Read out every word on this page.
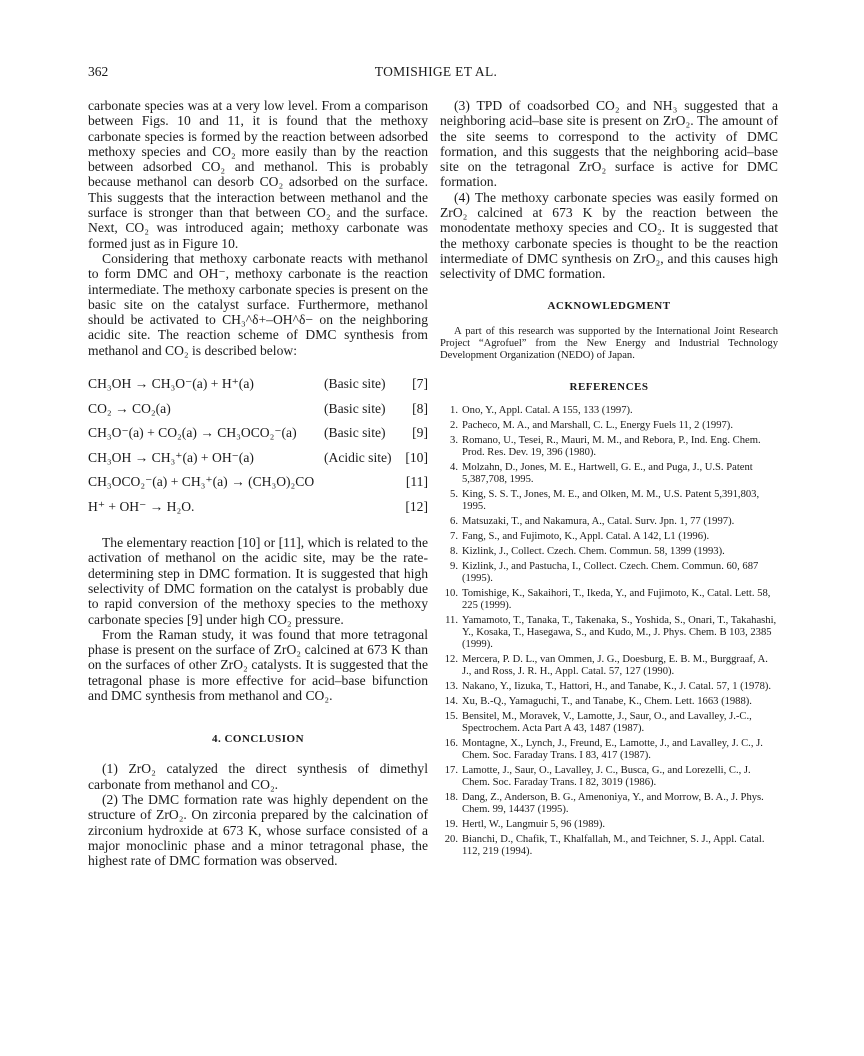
362	TOMISHIGE ET AL.

carbonate species was at a very low level. From a comparison between Figs. 10 and 11, it is found that the methoxy carbonate species is formed by the reaction between adsorbed methoxy species and CO₂ more easily than by the reaction between adsorbed CO₂ and methanol. This is probably because methanol can desorb CO₂ adsorbed on the surface. This suggests that the interaction between methanol and the surface is stronger than that between CO₂ and the surface. Next, CO₂ was introduced again; methoxy carbonate was formed just as in Figure 10.

Considering that methoxy carbonate reacts with methanol to form DMC and OH⁻, methoxy carbonate is the reaction intermediate. The methoxy carbonate species is present on the basic site on the catalyst surface. Furthermore, methanol should be activated to CH₃^δ+–OH^δ− on the neighboring acidic site. The reaction scheme of DMC synthesis from methanol and CO₂ is described below:

CH₃OH → CH₃O⁻(a) + H⁺(a)	(Basic site) [7]
CO₂ → CO₂(a)	(Basic site) [8]
CH₃O⁻(a) + CO₂(a) → CH₃OCO₂⁻(a) (Basic site) [9]
CH₃OH → CH₃⁺(a) + OH⁻(a)	(Acidic site) [10]
CH₃OCO₂⁻(a) + CH₃⁺(a) → (CH₃O)₂CO	[11]
H⁺ + OH⁻ → H₂O.	[12]

The elementary reaction [10] or [11], which is related to the activation of methanol on the acidic site, may be the rate-determining step in DMC formation. It is suggested that high selectivity of DMC formation on the catalyst is probably due to rapid conversion of the methoxy species to the methoxy carbonate species [9] under high CO₂ pressure.

From the Raman study, it was found that more tetragonal phase is present on the surface of ZrO₂ calcined at 673 K than on the surfaces of other ZrO₂ catalysts. It is suggested that the tetragonal phase is more effective for acid–base bifunction and DMC synthesis from methanol and CO₂.

4. CONCLUSION

(1) ZrO₂ catalyzed the direct synthesis of dimethyl carbonate from methanol and CO₂.

(2) The DMC formation rate was highly dependent on the structure of ZrO₂. On zirconia prepared by the calcination of zirconium hydroxide at 673 K, whose surface consisted of a major monoclinic phase and a minor tetragonal phase, the highest rate of DMC formation was observed.

(3) TPD of coadsorbed CO₂ and NH₃ suggested that a neighboring acid–base site is present on ZrO₂. The amount of the site seems to correspond to the activity of DMC formation, and this suggests that the neighboring acid–base site on the tetragonal ZrO₂ surface is active for DMC formation.

(4) The methoxy carbonate species was easily formed on ZrO₂ calcined at 673 K by the reaction between the monodentate methoxy species and CO₂. It is suggested that the methoxy carbonate species is thought to be the reaction intermediate of DMC synthesis on ZrO₂, and this causes high selectivity of DMC formation.

ACKNOWLEDGMENT

A part of this research was supported by the International Joint Research Project “Agrofuel” from the New Energy and Industrial Technology Development Organization (NEDO) of Japan.

REFERENCES
1. Ono, Y., Appl. Catal. A 155, 133 (1997).
2. Pacheco, M. A., and Marshall, C. L., Energy Fuels 11, 2 (1997).
3. Romano, U., Tesei, R., Mauri, M. M., and Rebora, P., Ind. Eng. Chem. Prod. Res. Dev. 19, 396 (1980).
4. Molzahn, D., Jones, M. E., Hartwell, G. E., and Puga, J., U.S. Patent 5,387,708, 1995.
5. King, S. S. T., Jones, M. E., and Olken, M. M., U.S. Patent 5,391,803, 1995.
6. Matsuzaki, T., and Nakamura, A., Catal. Surv. Jpn. 1, 77 (1997).
7. Fang, S., and Fujimoto, K., Appl. Catal. A 142, L1 (1996).
8. Kizlink, J., Collect. Czech. Chem. Commun. 58, 1399 (1993).
9. Kizlink, J., and Pastucha, I., Collect. Czech. Chem. Commun. 60, 687 (1995).
10. Tomishige, K., Sakaihori, T., Ikeda, Y., and Fujimoto, K., Catal. Lett. 58, 225 (1999).
11. Yamamoto, T., Tanaka, T., Takenaka, S., Yoshida, S., Onari, T., Takahashi, Y., Kosaka, T., Hasegawa, S., and Kudo, M., J. Phys. Chem. B 103, 2385 (1999).
12. Mercera, P. D. L., van Ommen, J. G., Doesburg, E. B. M., Burggraaf, A. J., and Ross, J. R. H., Appl. Catal. 57, 127 (1990).
13. Nakano, Y., Iizuka, T., Hattori, H., and Tanabe, K., J. Catal. 57, 1 (1978).
14. Xu, B.-Q., Yamaguchi, T., and Tanabe, K., Chem. Lett. 1663 (1988).
15. Bensitel, M., Moravek, V., Lamotte, J., Saur, O., and Lavalley, J.-C., Spectrochem. Acta Part A 43, 1487 (1987).
16. Montagne, X., Lynch, J., Freund, E., Lamotte, J., and Lavalley, J. C., J. Chem. Soc. Faraday Trans. I 83, 417 (1987).
17. Lamotte, J., Saur, O., Lavalley, J. C., Busca, G., and Lorezelli, C., J. Chem. Soc. Faraday Trans. I 82, 3019 (1986).
18. Dang, Z., Anderson, B. G., Amenoniya, Y., and Morrow, B. A., J. Phys. Chem. 99, 14437 (1995).
19. Hertl, W., Langmuir 5, 96 (1989).
20. Bianchi, D., Chafik, T., Khalfallah, M., and Teichner, S. J., Appl. Catal. 112, 219 (1994).
